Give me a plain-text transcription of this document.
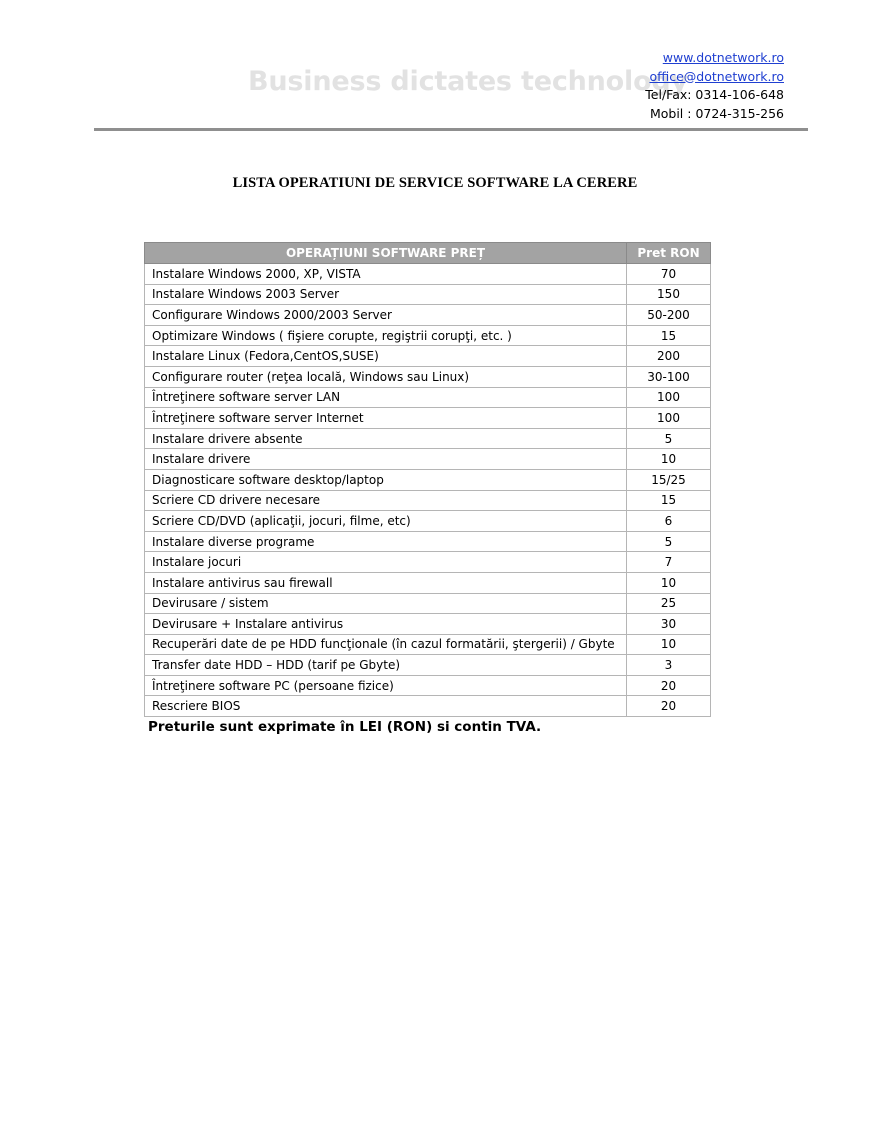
Business dictates technology
www.dotnetwork.ro
office@dotnetwork.ro
Tel/Fax: 0314-106-648
Mobil : 0724-315-256
LISTA OPERATIUNI DE SERVICE SOFTWARE LA CERERE
OPERAȚIUNI SOFTWARE PREȚ	Pret RON
Instalare Windows 2000, XP, VISTA	70
Instalare Windows 2003 Server	150
Configurare Windows 2000/2003 Server	50-200
Optimizare Windows ( fişiere corupte, regiştrii corupţi, etc. )	15
Instalare Linux (Fedora,CentOS,SUSE)	200
Configurare router (reţea locală, Windows sau Linux)	30-100
Întreţinere software server LAN	100
Întreţinere software server Internet	100
Instalare drivere absente	5
Instalare drivere	10
Diagnosticare software desktop/laptop	15/25
Scriere CD drivere necesare	15
Scriere CD/DVD (aplicaţii, jocuri, filme, etc)	6
Instalare diverse programe	5
Instalare jocuri	7
Instalare antivirus sau firewall	10
Devirusare / sistem	25
Devirusare + Instalare antivirus	30
Recuperări date de pe HDD funcţionale (în cazul formatării, ştergerii) / Gbyte	10
Transfer date HDD – HDD (tarif pe Gbyte)	3
Întreţinere software PC (persoane fizice)	20
Rescriere BIOS	20
Preturile sunt exprimate în LEI (RON) si contin TVA.
